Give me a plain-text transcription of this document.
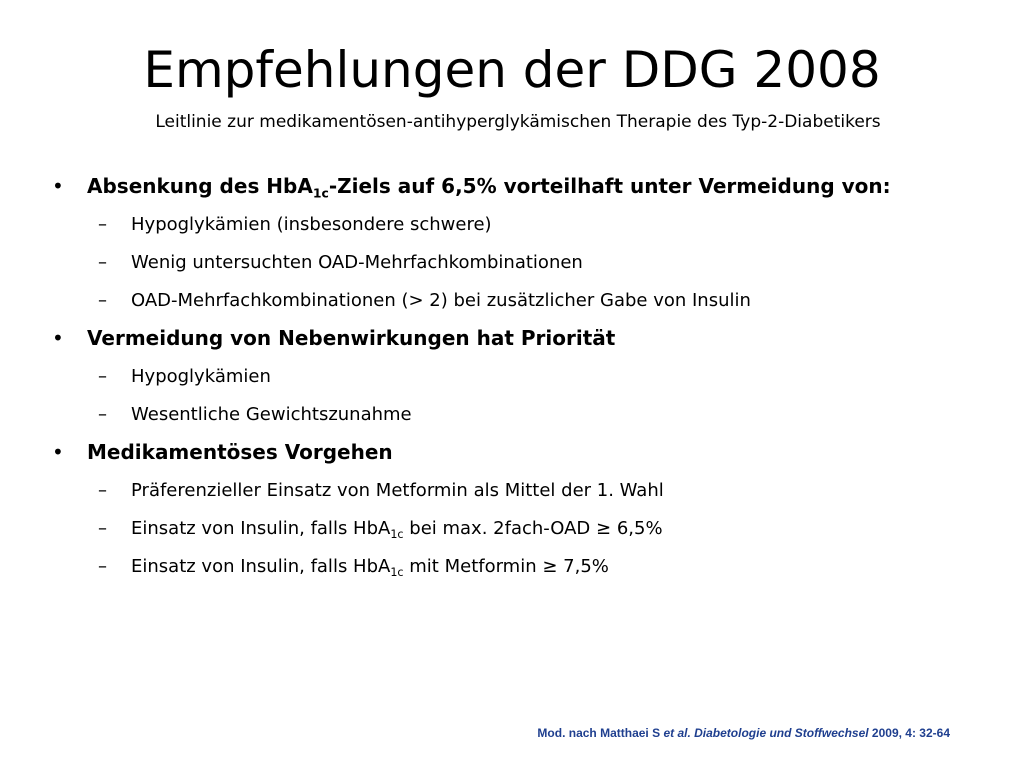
Empfehlungen der DDG 2008
Leitlinie zur medikamentösen-antihyperglykämischen Therapie des Typ-2-Diabetikers
• Absenkung des HbA$_{1c}$-Ziels auf 6,5% vorteilhaft unter Vermeidung von:
– Hypoglykämien (insbesondere schwere)
– Wenig untersuchten OAD-Mehrfachkombinationen
– OAD-Mehrfachkombinationen (> 2) bei zusätzlicher Gabe von Insulin
• Vermeidung von Nebenwirkungen hat Priorität
– Hypoglykämien
– Wesentliche Gewichtszunahme
• Medikamentöses Vorgehen
– Präferenzieller Einsatz von Metformin als Mittel der 1. Wahl
– Einsatz von Insulin, falls HbA$_{1c}$ bei max. 2fach-OAD ≥ 6,5%
– Einsatz von Insulin, falls HbA$_{1c}$ mit Metformin ≥ 7,5%
Mod. nach Matthaei S et al. Diabetologie und Stoffwechsel 2009, 4: 32-64
